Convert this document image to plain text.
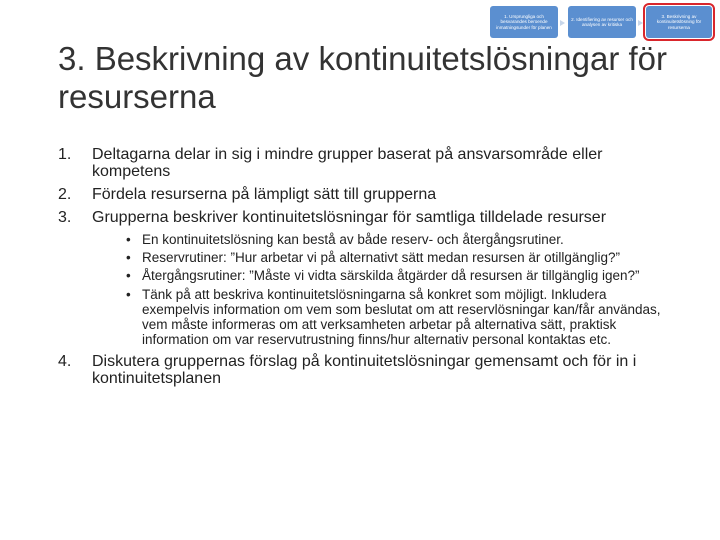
1. Ursprungliga och besvarandes beroende inmatningsunder för planen
2. Identifiering av resurser och analysen av kritiska
3. Beskrivning av kontinuitetslösning för resurserna
3. Beskrivning av kontinuitetslösningar för resurserna
1. Deltagarna delar in sig i mindre grupper baserat på ansvarsområde eller kompetens
2. Fördela resurserna på lämpligt sätt till grupperna
3. Grupperna beskriver kontinuitetslösningar för samtliga tilldelade resurser
• En kontinuitetslösning kan bestå av både reserv- och återgångsrutiner.
• Reservrutiner: ”Hur arbetar vi på alternativt sätt medan resursen är otillgänglig?”
• Återgångsrutiner: ”Måste vi vidta särskilda åtgärder då resursen är tillgänglig igen?”
• Tänk på att beskriva kontinuitetslösningarna så konkret som möjligt. Inkludera exempelvis information om vem som beslutat om att reservlösningar kan/får användas, vem måste informeras om att verksamheten arbetar på alternativa sätt, praktisk information om var reservutrustning finns/hur alternativ personal kontaktas etc.
4. Diskutera gruppernas förslag på kontinuitetslösningar gemensamt och för in i kontinuitetsplanen
